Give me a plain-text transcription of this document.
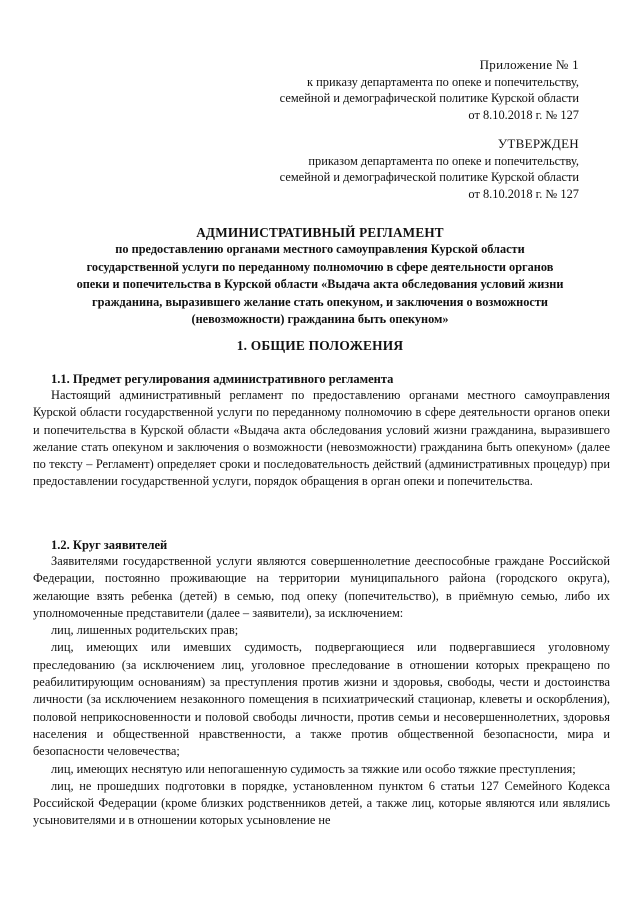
Приложение № 1

к приказу департамента по опеке и попечительству,

семейной и демографической политике Курской области

от 8.10.2018 г. № 127

УТВЕРЖДЕН

приказом департамента по опеке и попечительству,

семейной и демографической политике Курской области

от 8.10.2018 г. № 127

АДМИНИСТРАТИВНЫЙ РЕГЛАМЕНТ

по предоставлению органами местного самоуправления Курской области

государственной услуги по переданному полномочию в сфере деятельности органов

опеки и попечительства в Курской области «Выдача акта обследования условий жизни

гражданина, выразившего желание стать опекуном, и заключения о возможности

(невозможности) гражданина быть опекуном»

1. ОБЩИЕ ПОЛОЖЕНИЯ
1.1. Предмет регулирования административного регламента

Настоящий административный регламент по предоставлению органами местного самоуправления Курской области государственной услуги по переданному полномочию в сфере деятельности органов опеки и попечительства в Курской области «Выдача акта обследования условий жизни гражданина, выразившего желание стать опекуном и заключения о возможности (невозможности) гражданина быть опекуном» (далее по тексту – Регламент) определяет сроки и последовательность действий (административных процедур) при предоставлении государственной услуги, порядок обращения в орган опеки и попечительства.

1.2. Круг заявителей
Заявителями государственной услуги являются совершеннолетние дееспособные граждане Российской Федерации, постоянно проживающие на территории муниципального района (городского округа), желающие взять ребенка (детей) в семью, под опеку (попечительство), в приёмную семью, либо их уполномоченные представители (далее – заявители), за исключением:
лиц, лишенных родительских прав;
лиц, имеющих или имевших судимость, подвергающиеся или подвергавшиеся уголовному преследованию (за исключением лиц, уголовное преследование в отношении которых прекращено по реабилитирующим основаниям) за преступления против жизни и здоровья, свободы, чести и достоинства личности (за исключением незаконного помещения в психиатрический стационар, клеветы и оскорбления), половой неприкосновенности и половой свободы личности, против семьи и несовершеннолетних, здоровья населения и общественной нравственности, а также против общественной безопасности, мира и безопасности человечества;
лиц, имеющих неснятую или непогашенную судимость за тяжкие или особо тяжкие преступления;
лиц, не прошедших подготовки в порядке, установленном пунктом 6 статьи 127 Семейного Кодекса Российской Федерации (кроме близких родственников детей, а также лиц, которые являются или являлись усыновителями и в отношении которых усыновление не
